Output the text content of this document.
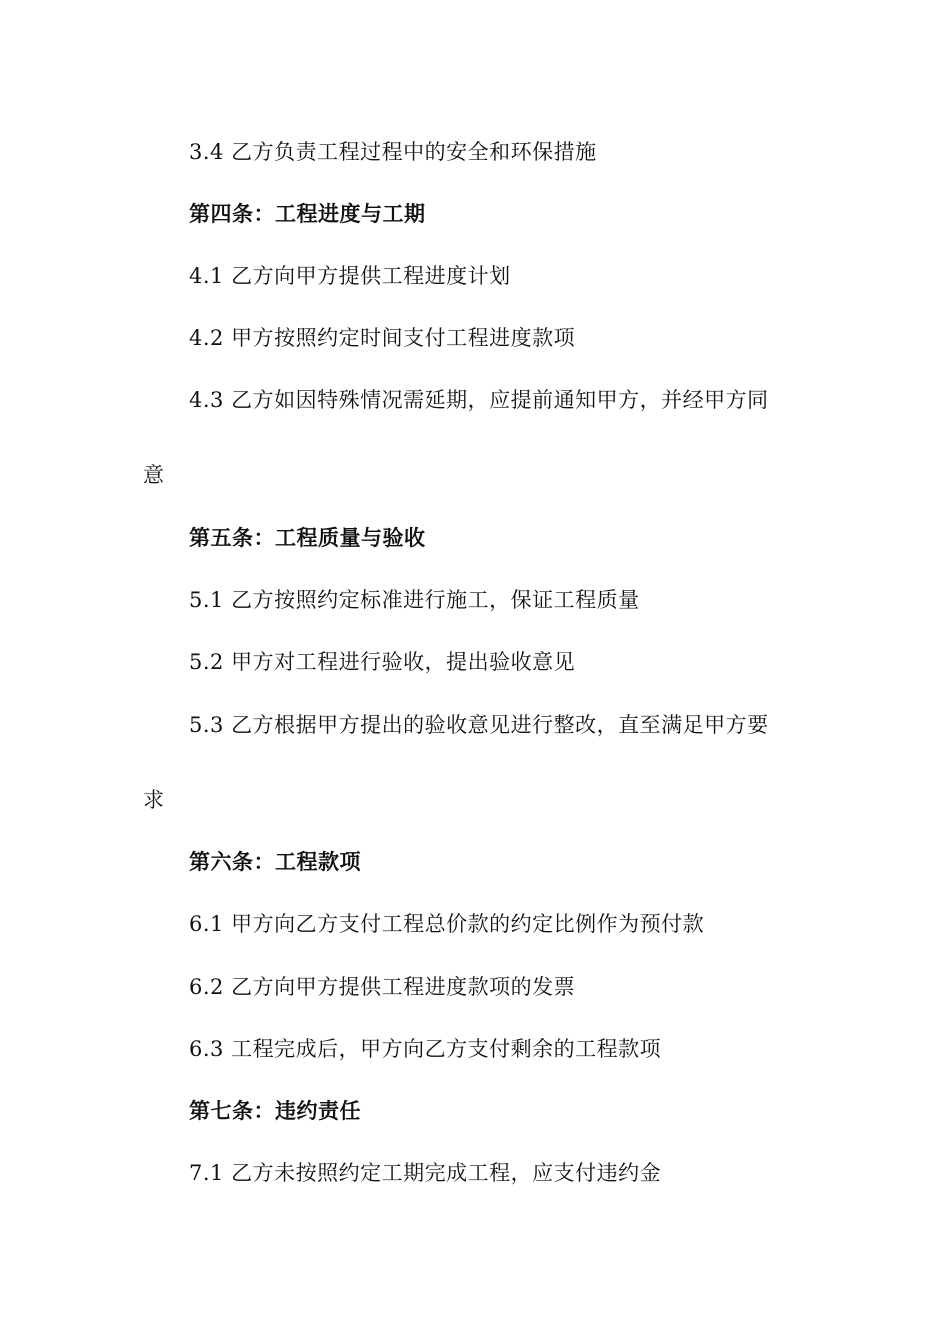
3.4 乙方负责工程过程中的安全和环保措施
第四条：工程进度与工期
4.1 乙方向甲方提供工程进度计划
4.2 甲方按照约定时间支付工程进度款项
4.3 乙方如因特殊情况需延期，应提前通知甲方，并经甲方同
意
第五条：工程质量与验收
5.1 乙方按照约定标准进行施工，保证工程质量
5.2 甲方对工程进行验收，提出验收意见
5.3 乙方根据甲方提出的验收意见进行整改，直至满足甲方要
求
第六条：工程款项
6.1 甲方向乙方支付工程总价款的约定比例作为预付款
6.2 乙方向甲方提供工程进度款项的发票
6.3 工程完成后，甲方向乙方支付剩余的工程款项
第七条：违约责任
7.1 乙方未按照约定工期完成工程，应支付违约金
